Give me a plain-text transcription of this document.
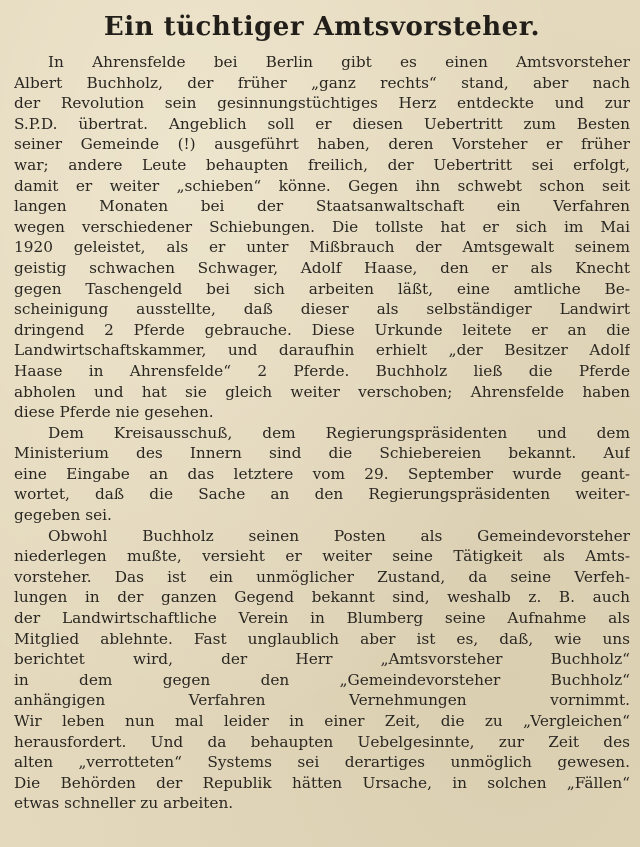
Ein tüchtiger Amtsvorsteher.

In Ahrensfelde bei Berlin gibt es einen Amtsvorsteher
Albert Buchholz, der früher „ganz rechts“ stand, aber nach
der Revolution sein gesinnungstüchtiges Herz entdeckte und zur
S.P.D. übertrat. Angeblich soll er diesen Uebertritt zum Besten
seiner Gemeinde (!) ausgeführt haben, deren Vorsteher er früher
war; andere Leute behaupten freilich, der Uebertritt sei erfolgt,
damit er weiter „schieben“ könne. Gegen ihn schwebt schon seit
langen Monaten bei der Staatsanwaltschaft ein Verfahren
wegen verschiedener Schiebungen. Die tollste hat er sich im Mai
1920 geleistet, als er unter Mißbrauch der Amtsgewalt seinem
geistig schwachen Schwager, Adolf Haase, den er als Knecht
gegen Taschengeld bei sich arbeiten läßt, eine amtliche Be-
scheinigung ausstellte, daß dieser als selbständiger Landwirt
dringend 2 Pferde gebrauche. Diese Urkunde leitete er an die
Landwirtschaftskammer, und daraufhin erhielt „der Besitzer Adolf
Haase in Ahrensfelde“ 2 Pferde. Buchholz ließ die Pferde
abholen und hat sie gleich weiter verschoben; Ahrensfelde haben
diese Pferde nie gesehen.

Dem Kreisausschuß, dem Regierungspräsidenten und dem
Ministerium des Innern sind die Schiebereien bekannt. Auf
eine Eingabe an das letztere vom 29. September wurde geant-
wortet, daß die Sache an den Regierungspräsidenten weiter-
gegeben sei.

Obwohl Buchholz seinen Posten als Gemeindevorsteher
niederlegen mußte, versieht er weiter seine Tätigkeit als Amts-
vorsteher. Das ist ein unmöglicher Zustand, da seine Verfeh-
lungen in der ganzen Gegend bekannt sind, weshalb z. B. auch
der Landwirtschaftliche Verein in Blumberg seine Aufnahme als
Mitglied ablehnte. Fast unglaublich aber ist es, daß, wie uns
berichtet wird, der Herr „Amtsvorsteher Buchholz“
in dem gegen den „Gemeindevorsteher Buchholz“
anhängigen Verfahren Vernehmungen vornimmt.
Wir leben nun mal leider in einer Zeit, die zu „Vergleichen“
herausfordert. Und da behaupten Uebelgesinnte, zur Zeit des
alten „verrotteten“ Systems sei derartiges unmöglich gewesen.
Die Behörden der Republik hätten Ursache, in solchen „Fällen“
etwas schneller zu arbeiten.
